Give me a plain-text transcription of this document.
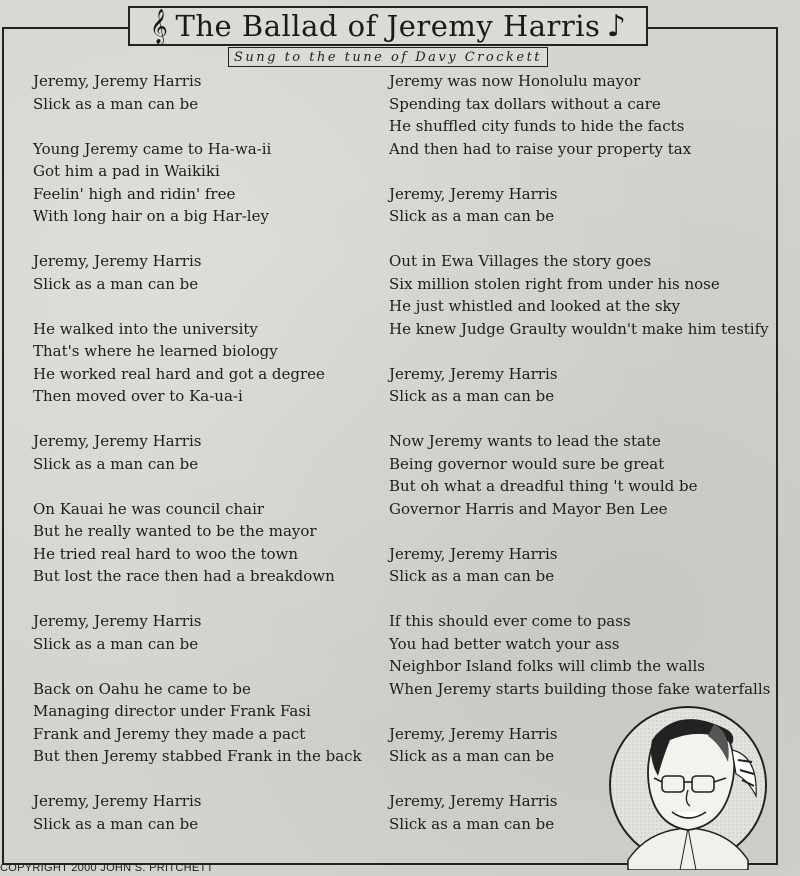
𝄞 The Ballad of Jeremy Harris ♪
Sung to the tune of Davy Crockett
Jeremy, Jeremy Harris
Slick as a man can be
Young Jeremy came to Ha-wa-ii
Got him a pad in Waikiki
Feelin' high and ridin' free
With long hair on a big Har-ley
Jeremy, Jeremy Harris
Slick as a man can be
He walked into the university
That's where he learned biology
He worked real hard and got a degree
Then moved over to Ka-ua-i
Jeremy, Jeremy Harris
Slick as a man can be
On Kauai he was council chair
But he really wanted to be the mayor
He tried real hard to woo the town
But lost the race then had a breakdown
Jeremy, Jeremy Harris
Slick as a man can be
Back on Oahu he came to be
Managing director under Frank Fasi
Frank and Jeremy they made a pact
But then Jeremy stabbed Frank in the back
Jeremy, Jeremy Harris
Slick as a man can be
Jeremy was now Honolulu mayor
Spending tax dollars without a care
He shuffled city funds to hide the facts
And then had to raise your property tax
Jeremy, Jeremy Harris
Slick as a man can be
Out in Ewa Villages the story goes
Six million stolen right from under his nose
He just whistled and looked at the sky
He knew Judge Graulty wouldn't make him testify
Jeremy, Jeremy Harris
Slick as a man can be
Now Jeremy wants to lead the state
Being governor would sure be great
But oh what a dreadful thing 't would be
Governor Harris and Mayor Ben Lee
Jeremy, Jeremy Harris
Slick as a man can be
If this should ever come to pass
You had better watch your ass
Neighbor Island folks will climb the walls
When Jeremy starts building those fake waterfalls
Jeremy, Jeremy Harris
Slick as a man can be
Jeremy, Jeremy Harris
Slick as a man can be
COPYRIGHT 2000 JOHN S. PRITCHETT
